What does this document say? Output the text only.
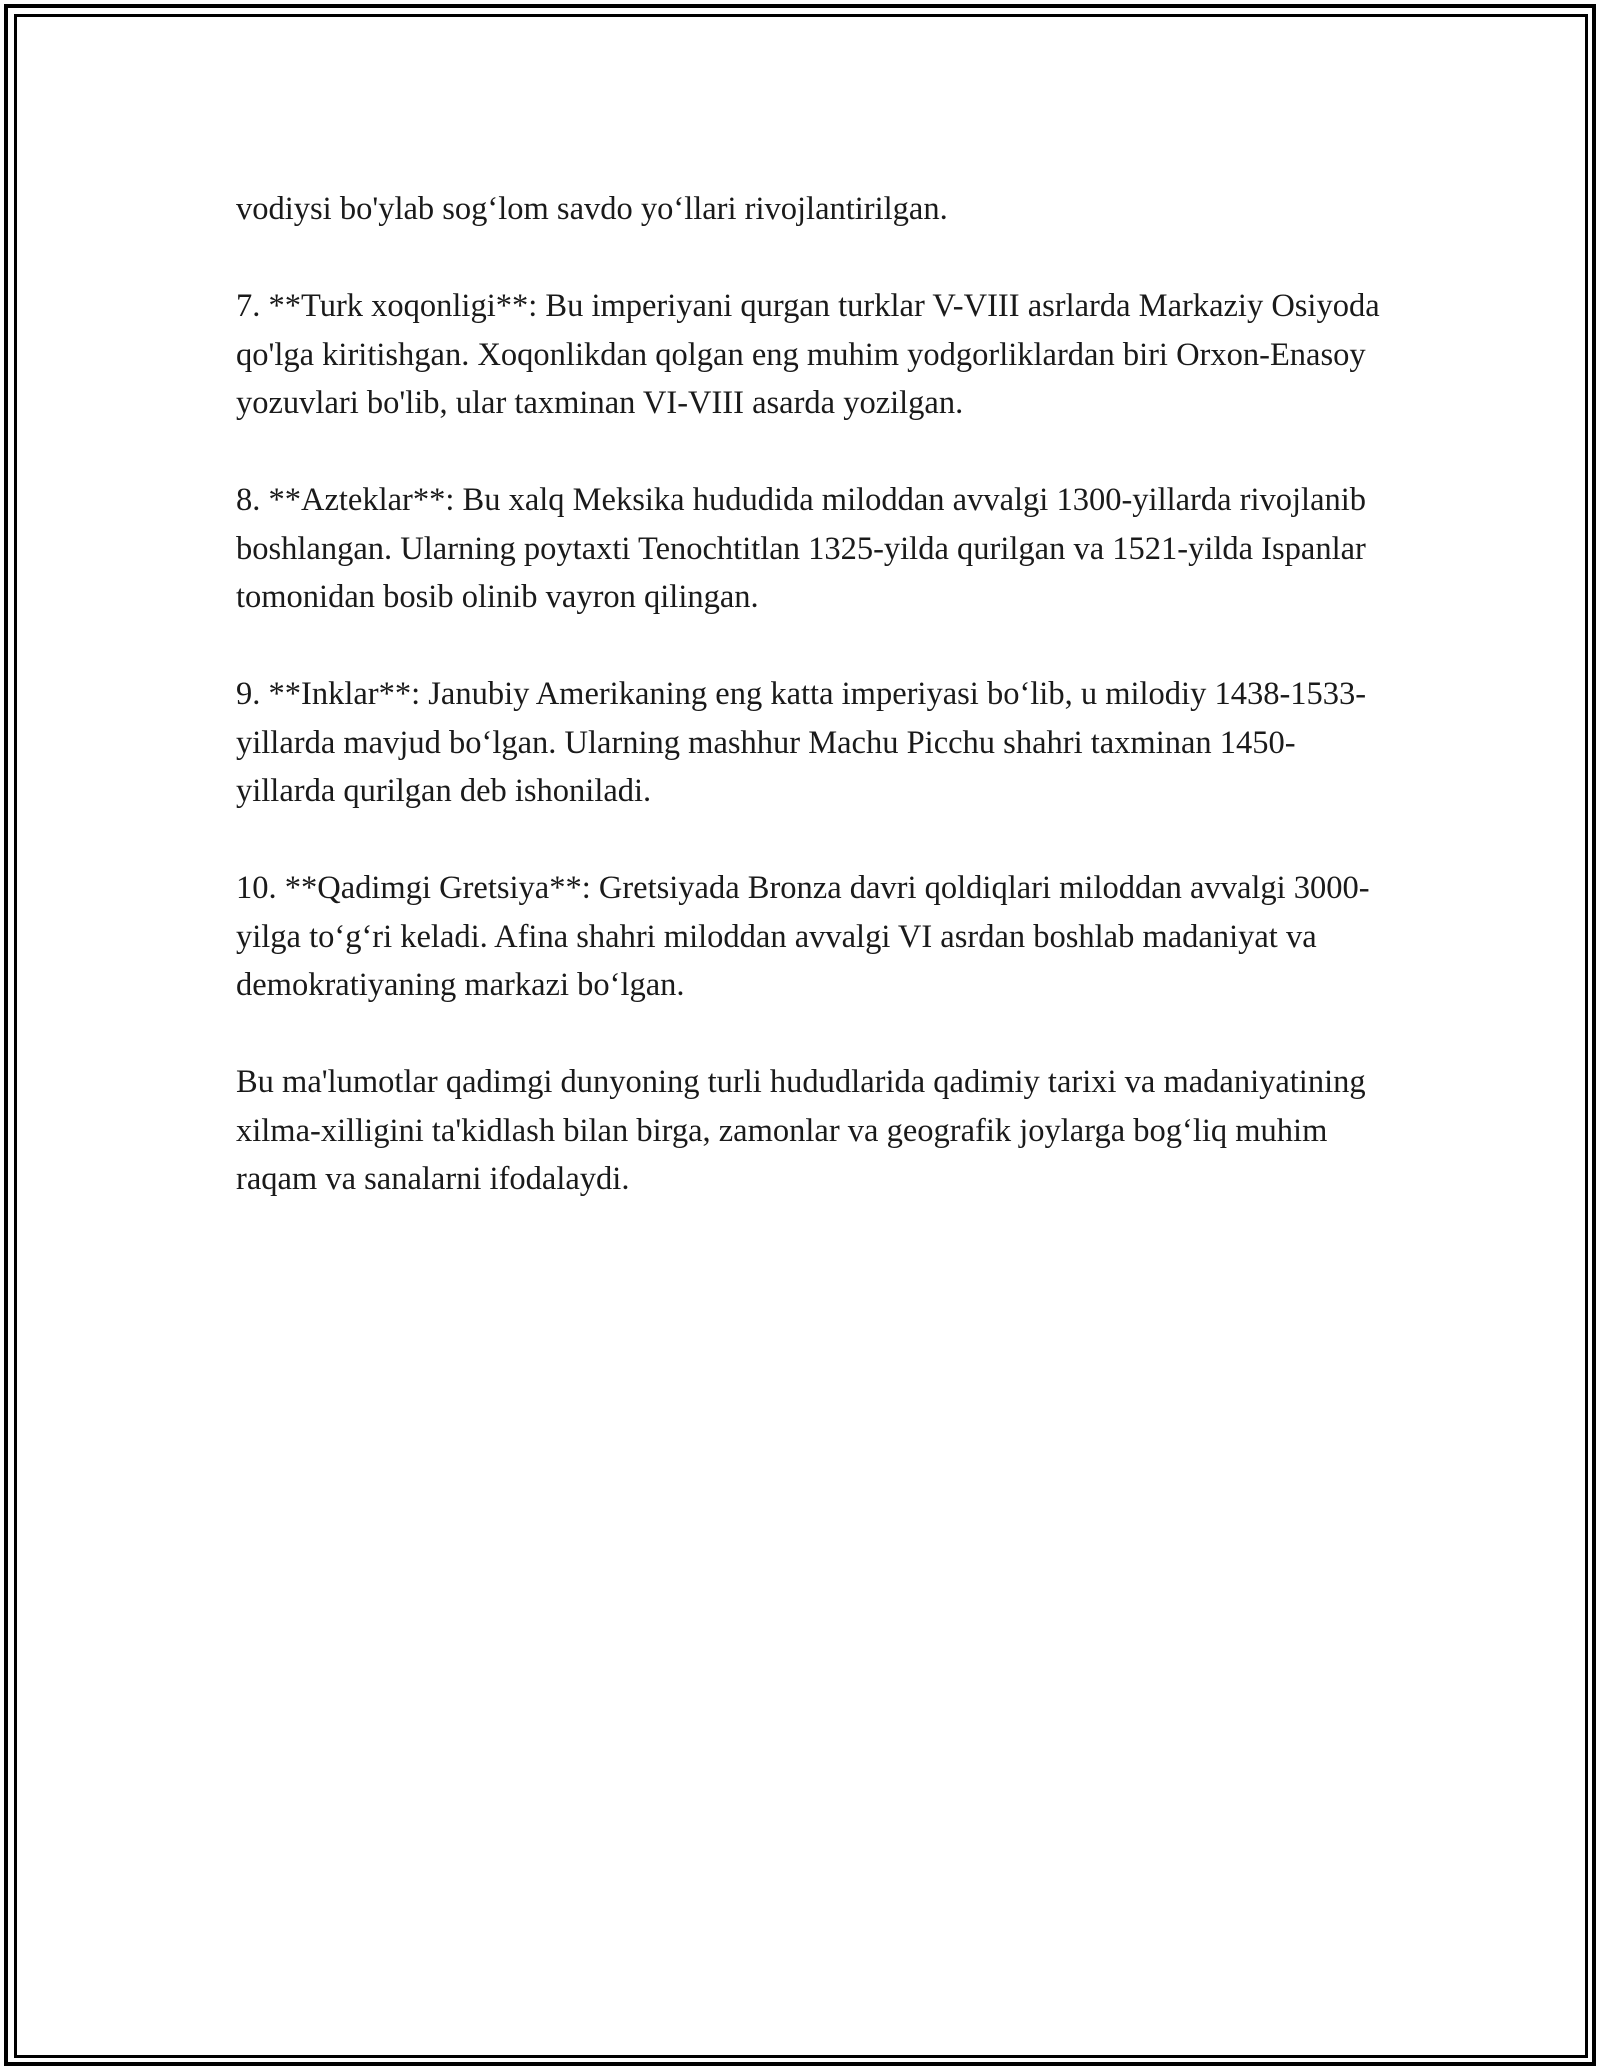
vodiysi bo'ylab sog‘lom savdo yo‘llari rivojlantirilgan.

7. **Turk xoqonligi**: Bu imperiyani qurgan turklar V-VIII asrlarda Markaziy Osiyoda qo'lga kiritishgan. Xoqonlikdan qolgan eng muhim yodgorliklardan biri Orxon-Enasoy yozuvlari bo'lib, ular taxminan VI-VIII asarda yozilgan.

8. **Azteklar**: Bu xalq Meksika hududida miloddan avvalgi 1300-yillarda rivojlanib boshlangan. Ularning poytaxti Tenochtitlan 1325-yilda qurilgan va 1521-yilda Ispanlar tomonidan bosib olinib vayron qilingan.

9. **Inklar**: Janubiy Amerikaning eng katta imperiyasi bo‘lib, u milodiy 1438-1533-yillarda mavjud bo‘lgan. Ularning mashhur Machu Picchu shahri taxminan 1450-yillarda qurilgan deb ishoniladi.

10. **Qadimgi Gretsiya**: Gretsiyada Bronza davri qoldiqlari miloddan avvalgi 3000-yilga to‘g‘ri keladi. Afina shahri miloddan avvalgi VI asrdan boshlab madaniyat va demokratiyaning markazi bo‘lgan.

Bu ma'lumotlar qadimgi dunyoning turli hududlarida qadimiy tarixi va madaniyatining xilma-xilligini ta'kidlash bilan birga, zamonlar va geografik joylarga bog‘liq muhim raqam va sanalarni ifodalaydi.
